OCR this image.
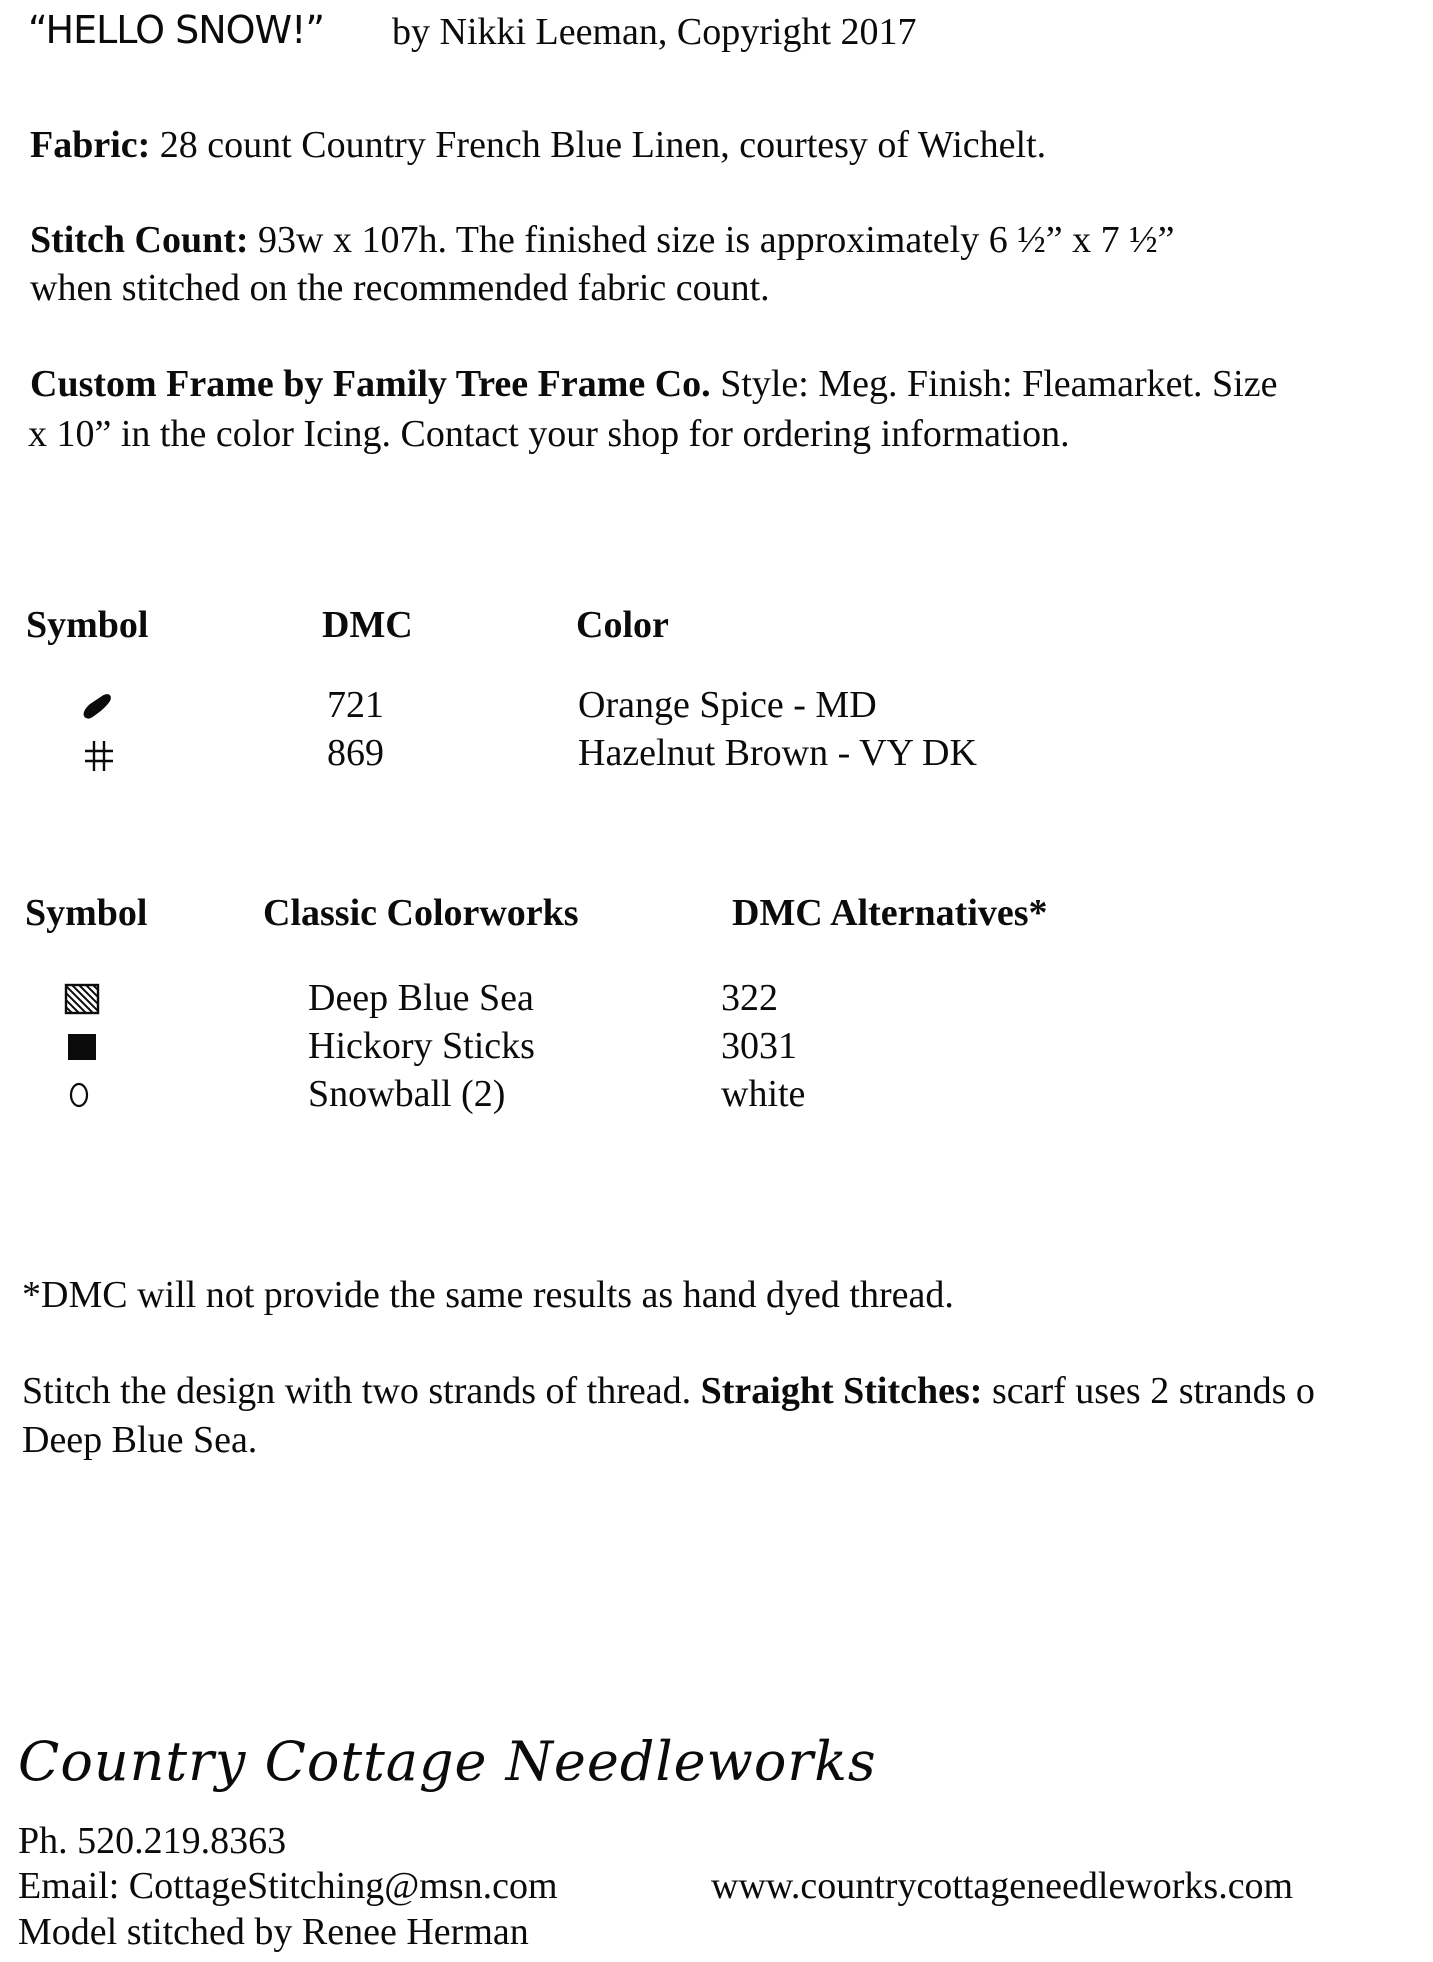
“HELLO SNOW!” by Nikki Leeman, Copyright 2017
Fabric: 28 count Country French Blue Linen, courtesy of Wichelt.
Stitch Count: 93w x 107h. The finished size is approximately 6 ½” x 7 ½”
when stitched on the recommended fabric count.
Custom Frame by Family Tree Frame Co. Style: Meg. Finish: Fleamarket. Size
x 10” in the color Icing. Contact your shop for ordering information.
Symbol	DMC	Color
721	Orange Spice - MD
869	Hazelnut Brown - VY DK
Symbol	Classic Colorworks	DMC Alternatives*
Deep Blue Sea	322
Hickory Sticks	3031
Snowball (2)	white
*DMC will not provide the same results as hand dyed thread.
Stitch the design with two strands of thread. Straight Stitches: scarf uses 2 strands o
Deep Blue Sea.
Country Cottage Needleworks
Ph. 520.219.8363
Email: CottageStitching@msn.com	www.countrycottageneedleworks.com
Model stitched by Renee Herman
